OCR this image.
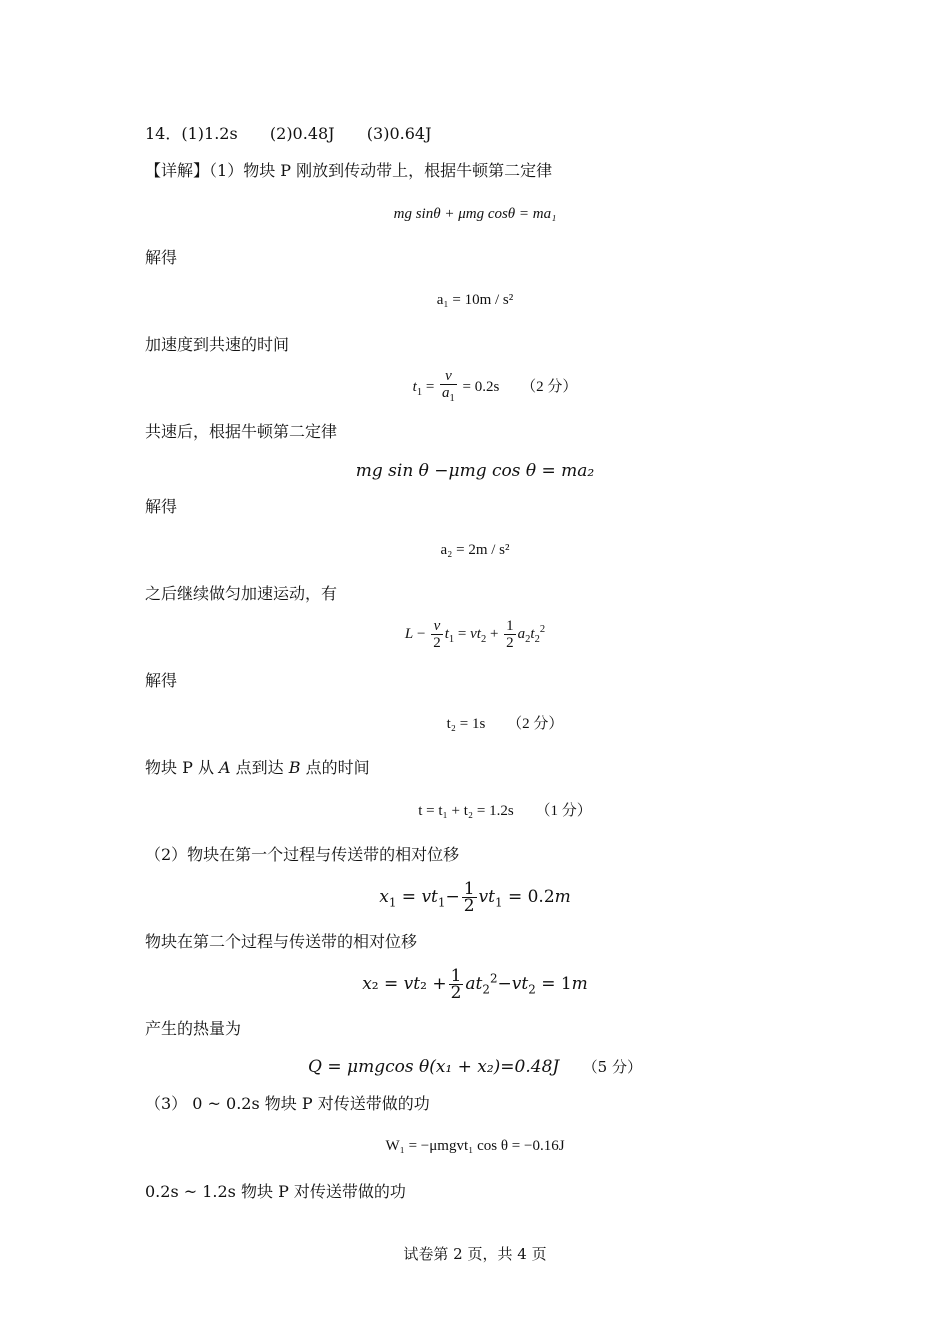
14．(1)1.2s (2)0.48J (3)0.64J
【详解】（1）物块 P 刚放到传动带上，根据牛顿第二定律
mg sinθ + μmg cosθ = ma₁
解得
a₁ = 10m / s²
加速度到共速的时间
$t_1 = \frac{v}{a_1} = 0.2s$ （2 分）
共速后，根据牛顿第二定律
mg sin θ −μmg cos θ = ma₂
解得
a₂ = 2m / s²
之后继续做匀加速运动，有
$L - \frac{v}{2} t_1 = vt_2 + \frac{1}{2} a_2t_2^2$
解得
t₂ = 1s （2 分）
物块 P 从 A 点到达 B 点的时间
t = t₁ + t₂ = 1.2s （1 分）
（2）物块在第一个过程与传送带的相对位移
$x_1 = vt_1- \frac{1}{2} vt_1 = 0.2m$
物块在第二个过程与传送带的相对位移
$x_2 = vt_2 + \frac{1}{2} at_2^2-vt_2 = 1m$
产生的热量为
Q = μmgcos θ(x₁ + x₂)=0.48J （5 分）
（3） 0 ~ 0.2s 物块 P 对传送带做的功
W₁ = −μmgvt₁ cos θ = −0.16J
0.2s ~ 1.2s 物块 P 对传送带做的功
试卷第 2 页，共 4 页
